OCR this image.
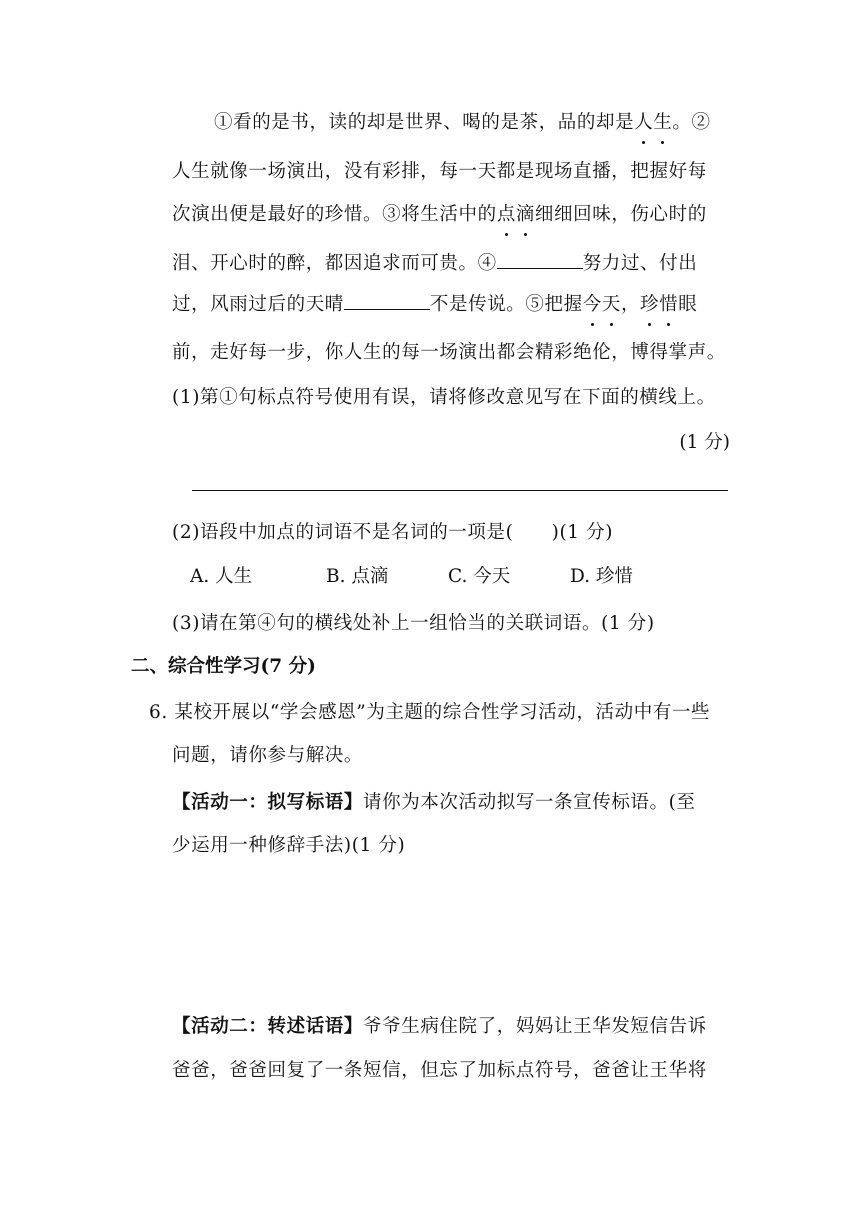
①看的是书，读的却是世界、喝的是茶，品的却是人生。②
人生就像一场演出，没有彩排，每一天都是现场直播，把握好每
次演出便是最好的珍惜。③将生活中的点滴细细回味，伤心时的
泪、开心时的醉，都因追求而可贵。④	努力过、付出
过，风雨过后的天晴	不是传说。⑤把握今天，珍惜眼
前，走好每一步，你人生的每一场演出都会精彩绝伦，博得掌声。
(1)第①句标点符号使用有误，请将修改意见写在下面的横线上。
(1 分)
(2)语段中加点的词语不是名词的一项是(　　)(1 分)
A. 人生	B. 点滴	C. 今天	D. 珍惜
(3)请在第④句的横线处补上一组恰当的关联词语。(1 分)
二、综合性学习(7 分)
6. 某校开展以“学会感恩”为主题的综合性学习活动，活动中有一些
问题，请你参与解决。
【活动一：拟写标语】请你为本次活动拟写一条宣传标语。(至
少运用一种修辞手法)(1 分)
【活动二：转述话语】爷爷生病住院了，妈妈让王华发短信告诉
爸爸，爸爸回复了一条短信，但忘了加标点符号，爸爸让王华将
